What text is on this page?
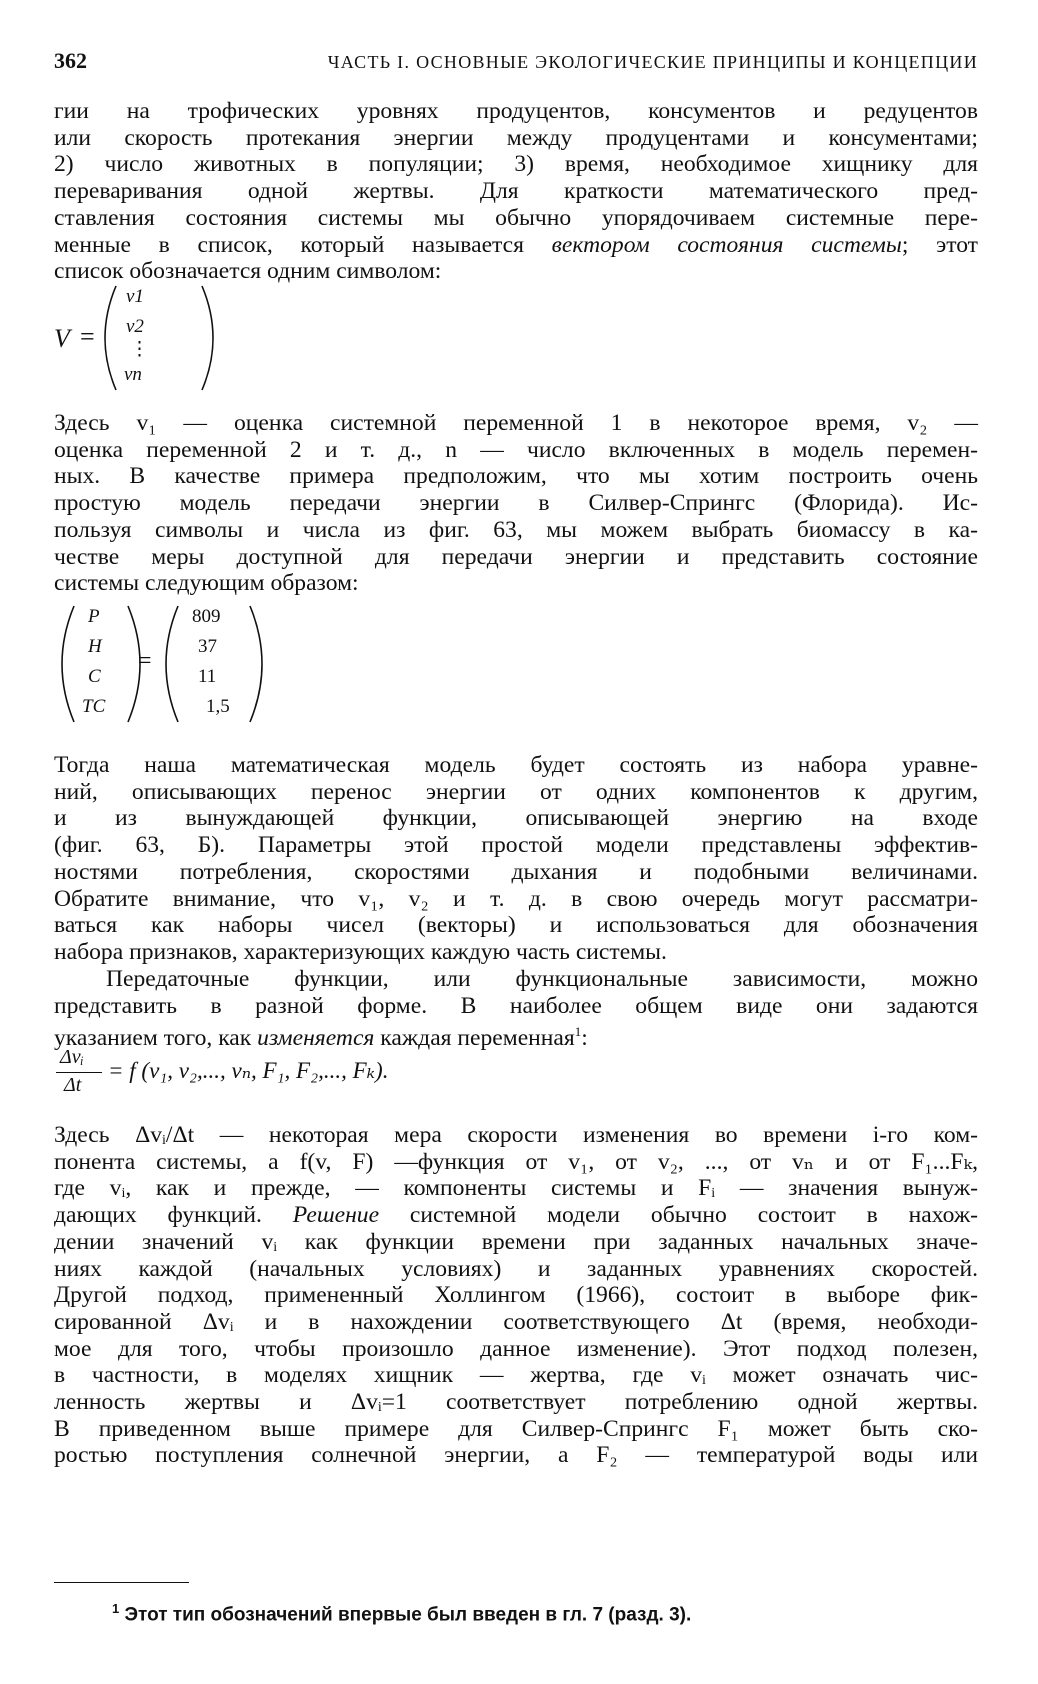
362	ЧАСТЬ I. ОСНОВНЫЕ ЭКОЛОГИЧЕСКИЕ ПРИНЦИПЫ И КОНЦЕПЦИИ
гии на трофических уровнях продуцентов, консументов и редуцентов
или скорость протекания энергии между продуцентами и консументами;
2) число животных в популяции; 3) время, необходимое хищнику для
переваривания одной жертвы. Для краткости математического пред-
ставления состояния системы мы обычно упорядочиваем системные пере-
менные в список, который называется вектором состояния системы; этот
список обозначается одним символом:
V =
v1
v2
⋮
vn
Здесь v₁ — оценка системной переменной 1 в некоторое время, v₂ —
оценка переменной 2 и т. д., n — число включенных в модель перемен-
ных. В качестве примера предположим, что мы хотим построить очень
простую модель передачи энергии в Силвер-Спрингс (Флорида). Ис-
пользуя символы и числа из фиг. 63, мы можем выбрать биомассу в ка-
честве меры доступной для передачи энергии и представить состояние
системы следующим образом:
P
H
C
TC
=
809
37
11
1,5
Тогда наша математическая модель будет состоять из набора уравне-
ний, описывающих перенос энергии от одних компонентов к другим,
и из вынуждающей функции, описывающей энергию на входе
(фиг. 63, Б). Параметры этой простой модели представлены эффектив-
ностями потребления, скоростями дыхания и подобными величинами.
Обратите внимание, что v₁, v₂ и т. д. в свою очередь могут рассматри-
ваться как наборы чисел (векторы) и использоваться для обозначения
набора признаков, характеризующих каждую часть системы.
Передаточные функции, или функциональные зависимости, можно
представить в разной форме. В наиболее общем виде они задаются
указанием того, как изменяется каждая переменная$^1$:
Δvᵢ
Δt
= f (v₁, v₂,..., vₙ, F₁, F₂,..., Fₖ).
Здесь Δvᵢ/Δt — некоторая мера скорости изменения во времени i-го ком-
понента системы, а f(v, F) —функция от v₁, от v₂, ..., от vₙ и от F₁...Fₖ,
где vᵢ, как и прежде, — компоненты системы и Fᵢ — значения вынуж-
дающих функций. Решение системной модели обычно состоит в нахож-
дении значений vᵢ как функции времени при заданных начальных значе-
ниях каждой (начальных условиях) и заданных уравнениях скоростей.
Другой подход, примененный Холлингом (1966), состоит в выборе фик-
сированной Δvᵢ и в нахождении соответствующего Δt (время, необходи-
мое для того, чтобы произошло данное изменение). Этот подход полезен,
в частности, в моделях хищник — жертва, где vᵢ может означать чис-
ленность жертвы и Δvᵢ=1 соответствует потреблению одной жертвы.
В приведенном выше примере для Силвер-Спрингс F₁ может быть ско-
ростью поступления солнечной энергии, а F₂ — температурой воды или
$^1$ Этот тип обозначений впервые был введен в гл. 7 (разд. 3).
